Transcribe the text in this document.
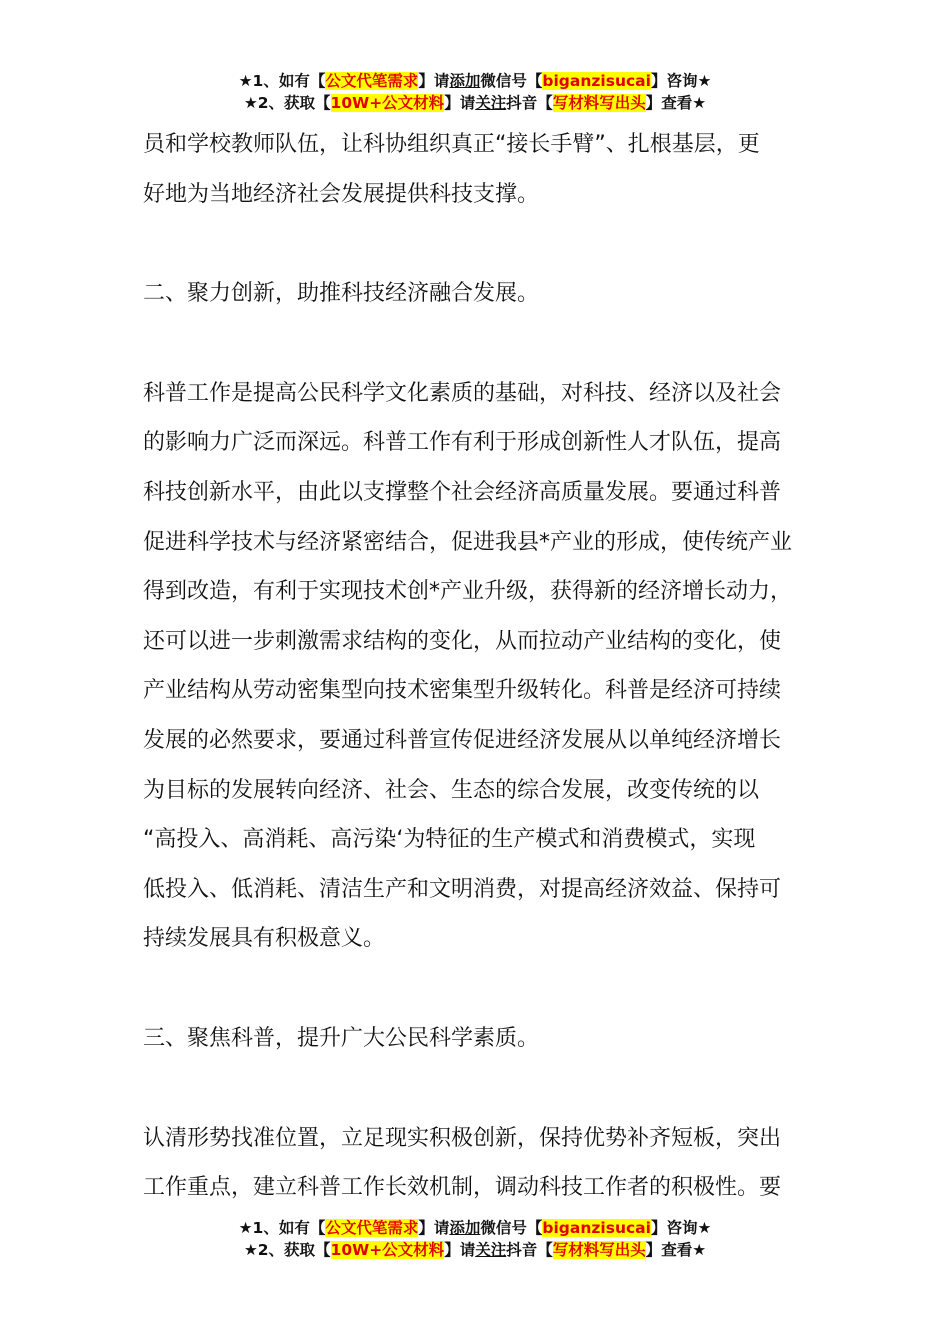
★1、如有【公文代笔需求】请添加微信号【biganzisucai】咨询★
★2、获取【10W+公文材料】请关注抖音【写材料写出头】查看★

员和学校教师队伍，让科协组织真正“接长手臂”、扎根基层，更
好地为当地经济社会发展提供科技支撑。

二、聚力创新，助推科技经济融合发展。

科普工作是提高公民科学文化素质的基础，对科技、经济以及社会
的影响力广泛而深远。科普工作有利于形成创新性人才队伍，提高
科技创新水平，由此以支撑整个社会经济高质量发展。要通过科普
促进科学技术与经济紧密结合，促进我县*产业的形成，使传统产业
得到改造，有利于实现技术创*产业升级，获得新的经济增长动力，
还可以进一步刺激需求结构的变化，从而拉动产业结构的变化，使
产业结构从劳动密集型向技术密集型升级转化。科普是经济可持续
发展的必然要求，要通过科普宣传促进经济发展从以单纯经济增长
为目标的发展转向经济、社会、生态的综合发展，改变传统的以
“高投入、高消耗、高污染‘为特征的生产模式和消费模式，实现
低投入、低消耗、清洁生产和文明消费，对提高经济效益、保持可
持续发展具有积极意义。

三、聚焦科普，提升广大公民科学素质。

认清形势找准位置，立足现实积极创新，保持优势补齐短板，突出
工作重点，建立科普工作长效机制，调动科技工作者的积极性。要

★1、如有【公文代笔需求】请添加微信号【biganzisucai】咨询★
★2、获取【10W+公文材料】请关注抖音【写材料写出头】查看★
